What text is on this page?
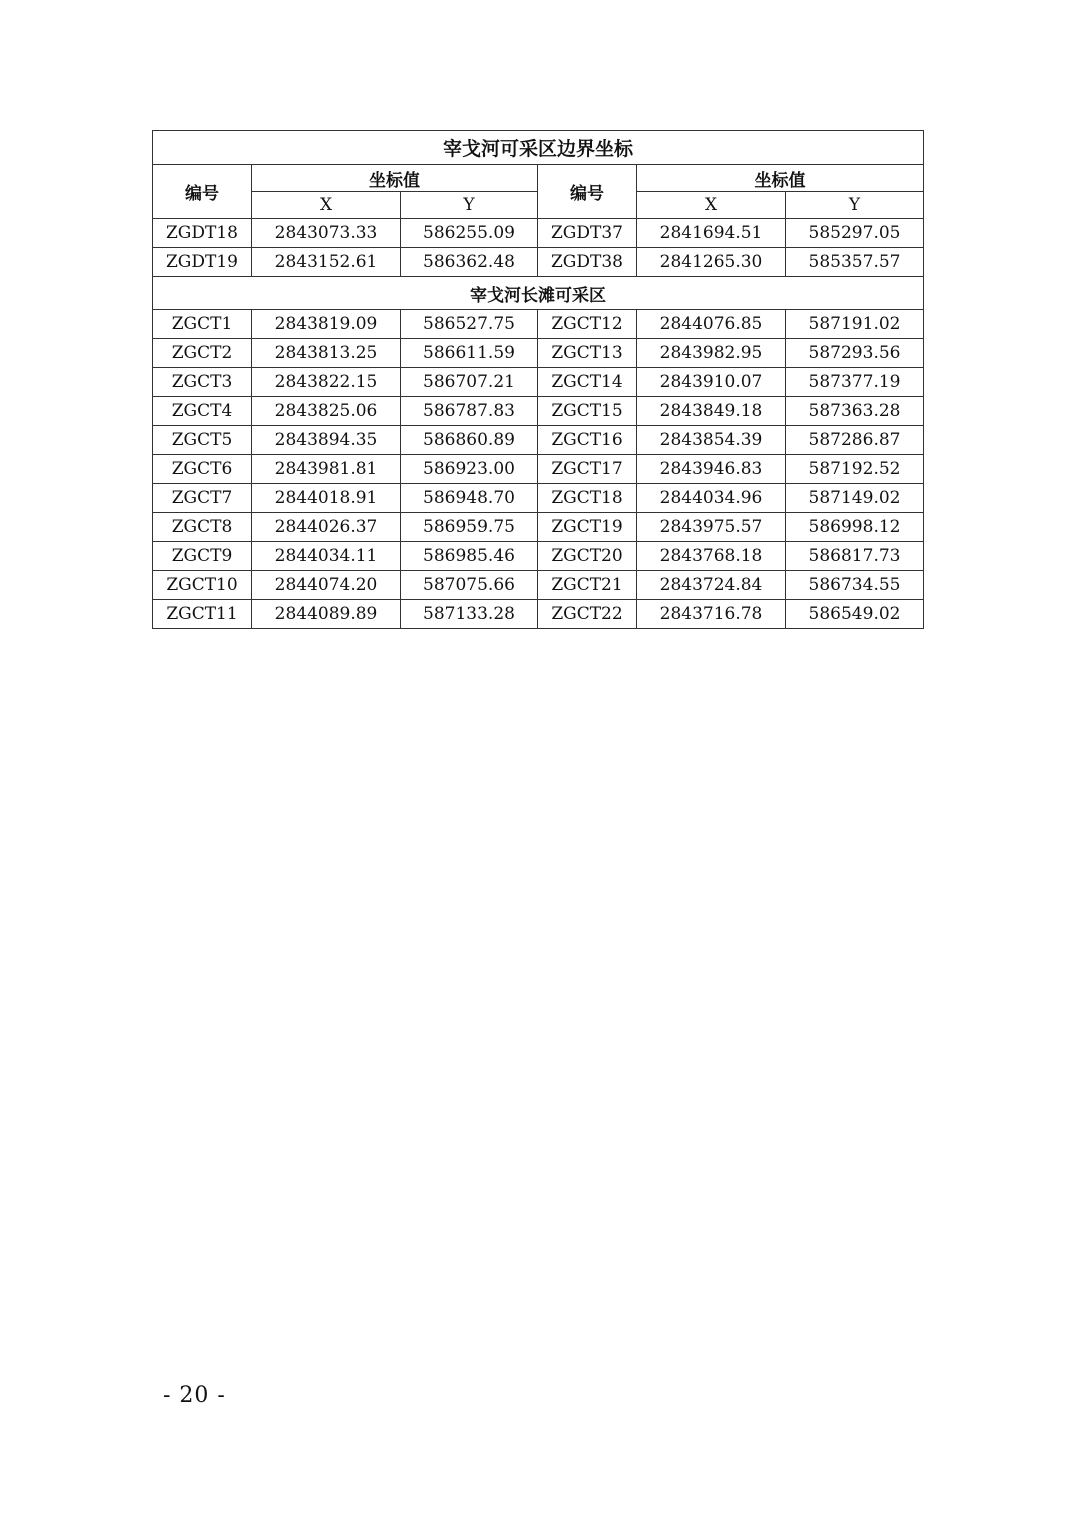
宰戈河可采区边界坐标					
编号	坐标值		编号	坐标值	
	X	Y		X	Y
ZGDT18	2843073.33	586255.09	ZGDT37	2841694.51	585297.05
ZGDT19	2843152.61	586362.48	ZGDT38	2841265.30	585357.57
宰戈河长滩可采区					
ZGCT1	2843819.09	586527.75	ZGCT12	2844076.85	587191.02
ZGCT2	2843813.25	586611.59	ZGCT13	2843982.95	587293.56
ZGCT3	2843822.15	586707.21	ZGCT14	2843910.07	587377.19
ZGCT4	2843825.06	586787.83	ZGCT15	2843849.18	587363.28
ZGCT5	2843894.35	586860.89	ZGCT16	2843854.39	587286.87
ZGCT6	2843981.81	586923.00	ZGCT17	2843946.83	587192.52
ZGCT7	2844018.91	586948.70	ZGCT18	2844034.96	587149.02
ZGCT8	2844026.37	586959.75	ZGCT19	2843975.57	586998.12
ZGCT9	2844034.11	586985.46	ZGCT20	2843768.18	586817.73
ZGCT10	2844074.20	587075.66	ZGCT21	2843724.84	586734.55
ZGCT11	2844089.89	587133.28	ZGCT22	2843716.78	586549.02
- 20 -
